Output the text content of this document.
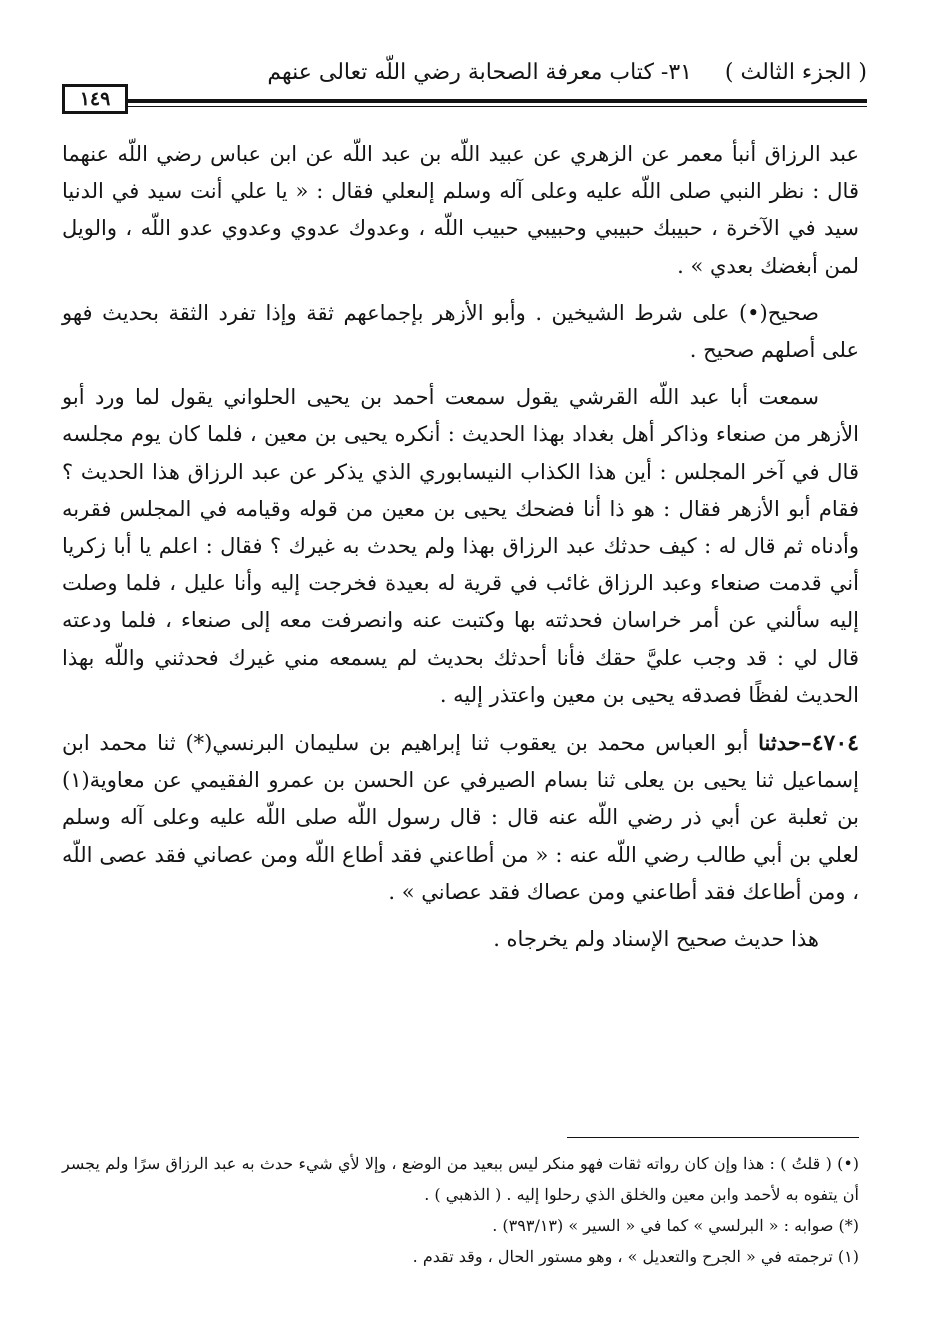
( الجزء الثالث )
٣١- كتاب معرفة الصحابة رضي اللّه تعالى عنهم
١٤٩

عبد الرزاق أنبأ معمر عن الزهري عن عبيد اللّه بن عبد اللّه عن ابن عباس رضي اللّه عنهما قال : نظر النبي صلى اللّه عليه وعلى آله وسلم إلىعلي فقال : « يا علي أنت سيد في الدنيا سيد في الآخرة ، حبيبك حبيبي وحبيبي حبيب اللّه ، وعدوك عدوي وعدوي عدو اللّه ، والويل لمن أبغضك بعدي » .

صحيح(•) على شرط الشيخين . وأبو الأزهر بإجماعهم ثقة وإذا تفرد الثقة بحديث فهو على أصلهم صحيح .

سمعت أبا عبد اللّه القرشي يقول سمعت أحمد بن يحيى الحلواني يقول لما ورد أبو الأزهر من صنعاء وذاكر أهل بغداد بهذا الحديث : أنكره يحيى بن معين ، فلما كان يوم مجلسه قال في آخر المجلس : أين هذا الكذاب النيسابوري الذي يذكر عن عبد الرزاق هذا الحديث ؟ فقام أبو الأزهر فقال : هو ذا أنا فضحك يحيى بن معين من قوله وقيامه في المجلس فقربه وأدناه ثم قال له : كيف حدثك عبد الرزاق بهذا ولم يحدث به غيرك ؟ فقال : اعلم يا أبا زكريا أني قدمت صنعاء وعبد الرزاق غائب في قرية له بعيدة فخرجت إليه وأنا عليل ، فلما وصلت إليه سألني عن أمر خراسان فحدثته بها وكتبت عنه وانصرفت معه إلى صنعاء ، فلما ودعته قال لي : قد وجب عليَّ حقك فأنا أحدثك بحديث لم يسمعه مني غيرك فحدثني واللّه بهذا الحديث لفظًا فصدقه يحيى بن معين واعتذر إليه .

٤٧٠٤–حدثنا أبو العباس محمد بن يعقوب ثنا إبراهيم بن سليمان البرنسي(*) ثنا محمد ابن إسماعيل ثنا يحيى بن يعلى ثنا بسام الصيرفي عن الحسن بن عمرو الفقيمي عن معاوية(١) بن ثعلبة عن أبي ذر رضي اللّه عنه قال : قال رسول اللّه صلى اللّه عليه وعلى آله وسلم لعلي بن أبي طالب رضي اللّه عنه : « من أطاعني فقد أطاع اللّه ومن عصاني فقد عصى اللّه ، ومن أطاعك فقد أطاعني ومن عصاك فقد عصاني » .

هذا حديث صحيح الإسناد ولم يخرجاه .

(•) ( قلتُ ) : هذا وإن كان رواته ثقات فهو منكر ليس ببعيد من الوضع ، وإلا لأي شيء حدث به عبد الرزاق سرًا ولم يجسر أن يتفوه به لأحمد وابن معين والخلق الذي رحلوا إليه . ( الذهبي ) .

(*) صوابه : « البرلسي » كما في « السير » (٣٩٣/١٣) .

(١) ترجمته في « الجرح والتعديل » ، وهو مستور الحال ، وقد تقدم .
